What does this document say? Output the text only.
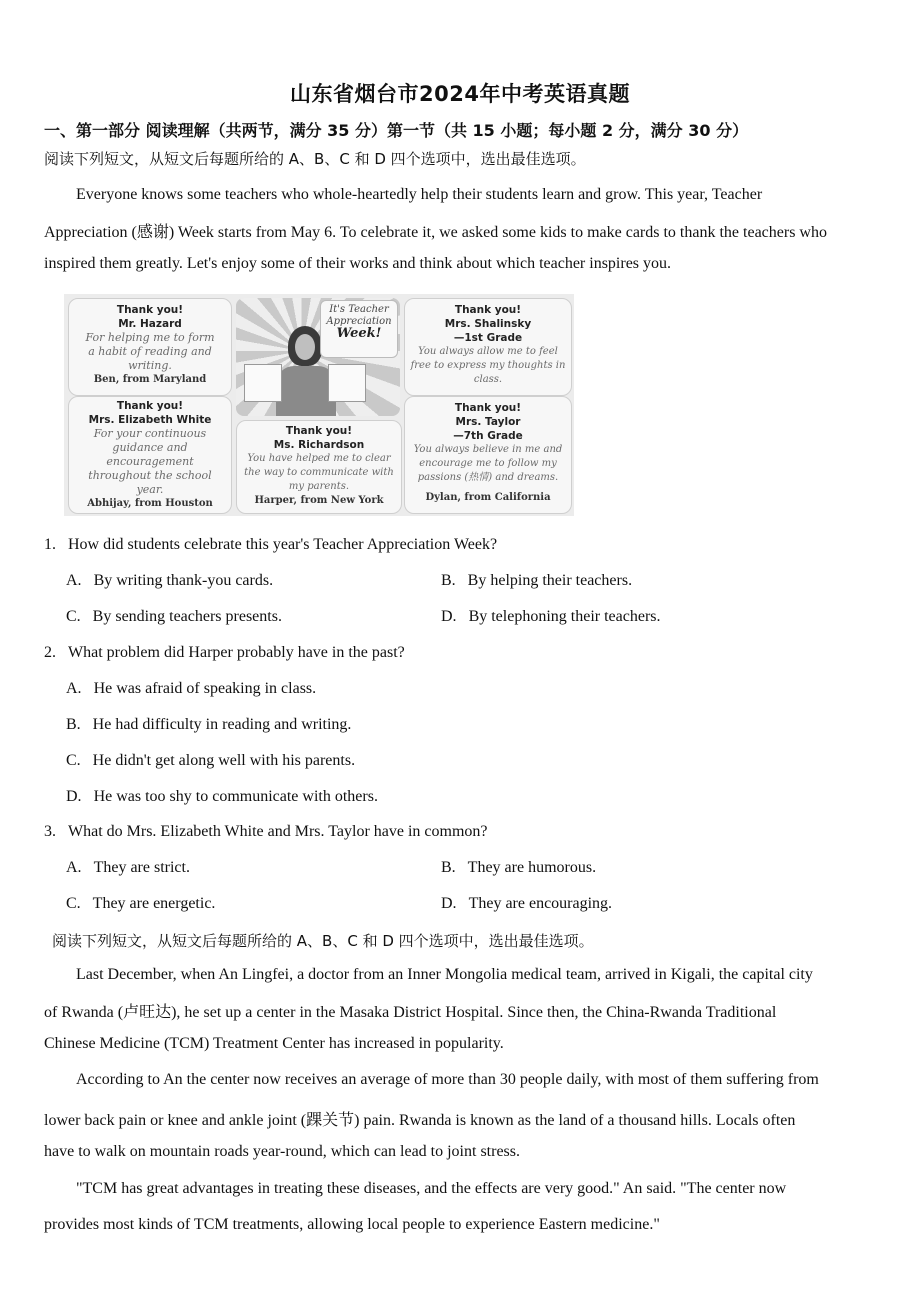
山东省烟台市2024年中考英语真题
一、第一部分 阅读理解（共两节，满分 35 分）第一节（共 15 小题；每小题 2 分，满分 30 分）
阅读下列短文，从短文后每题所给的 A、B、C 和 D 四个选项中，选出最佳选项。
Everyone knows some teachers who whole-heartedly help their students learn and grow. This year, Teacher
Appreciation (感谢) Week starts from May 6. To celebrate it, we asked some kids to make cards to thank the teachers who
inspired them greatly. Let's enjoy some of their works and think about which teacher inspires you.
Thank you!
Mr. Hazard
For helping me to form
a habit of reading and
writing.
Ben, from Maryland
Thank you!
Mrs. Elizabeth White
For your continuous
guidance and
encouragement
throughout the school
year.
Abhijay, from Houston
It's Teacher
Appreciation
Week!
Thank you!
Ms. Richardson
You have helped me to clear
the way to communicate with
my parents.
Harper, from New York
Thank you!
Mrs. Shalinsky
—1st Grade
You always allow me to feel
free to express my thoughts in
class.
Thank you!
Mrs. Taylor
—7th Grade
You always believe in me and
encourage me to follow my
passions (热情) and dreams.
Dylan, from California
1. How did students celebrate this year's Teacher Appreciation Week?
A. By writing thank-you cards.	B. By helping their teachers.
C. By sending teachers presents.	D. By telephoning their teachers.
2. What problem did Harper probably have in the past?
A. He was afraid of speaking in class.
B. He had difficulty in reading and writing.
C. He didn't get along well with his parents.
D. He was too shy to communicate with others.
3. What do Mrs. Elizabeth White and Mrs. Taylor have in common?
A. They are strict.	B. They are humorous.
C. They are energetic.	D. They are encouraging.
阅读下列短文，从短文后每题所给的 A、B、C 和 D 四个选项中，选出最佳选项。
Last December, when An Lingfei, a doctor from an Inner Mongolia medical team, arrived in Kigali, the capital city
of Rwanda (卢旺达), he set up a center in the Masaka District Hospital. Since then, the China-Rwanda Traditional
Chinese Medicine (TCM) Treatment Center has increased in popularity.
According to An the center now receives an average of more than 30 people daily, with most of them suffering from
lower back pain or knee and ankle joint (踝关节) pain. Rwanda is known as the land of a thousand hills. Locals often
have to walk on mountain roads year-round, which can lead to joint stress.
"TCM has great advantages in treating these diseases, and the effects are very good." An said. "The center now
provides most kinds of TCM treatments, allowing local people to experience Eastern medicine."
